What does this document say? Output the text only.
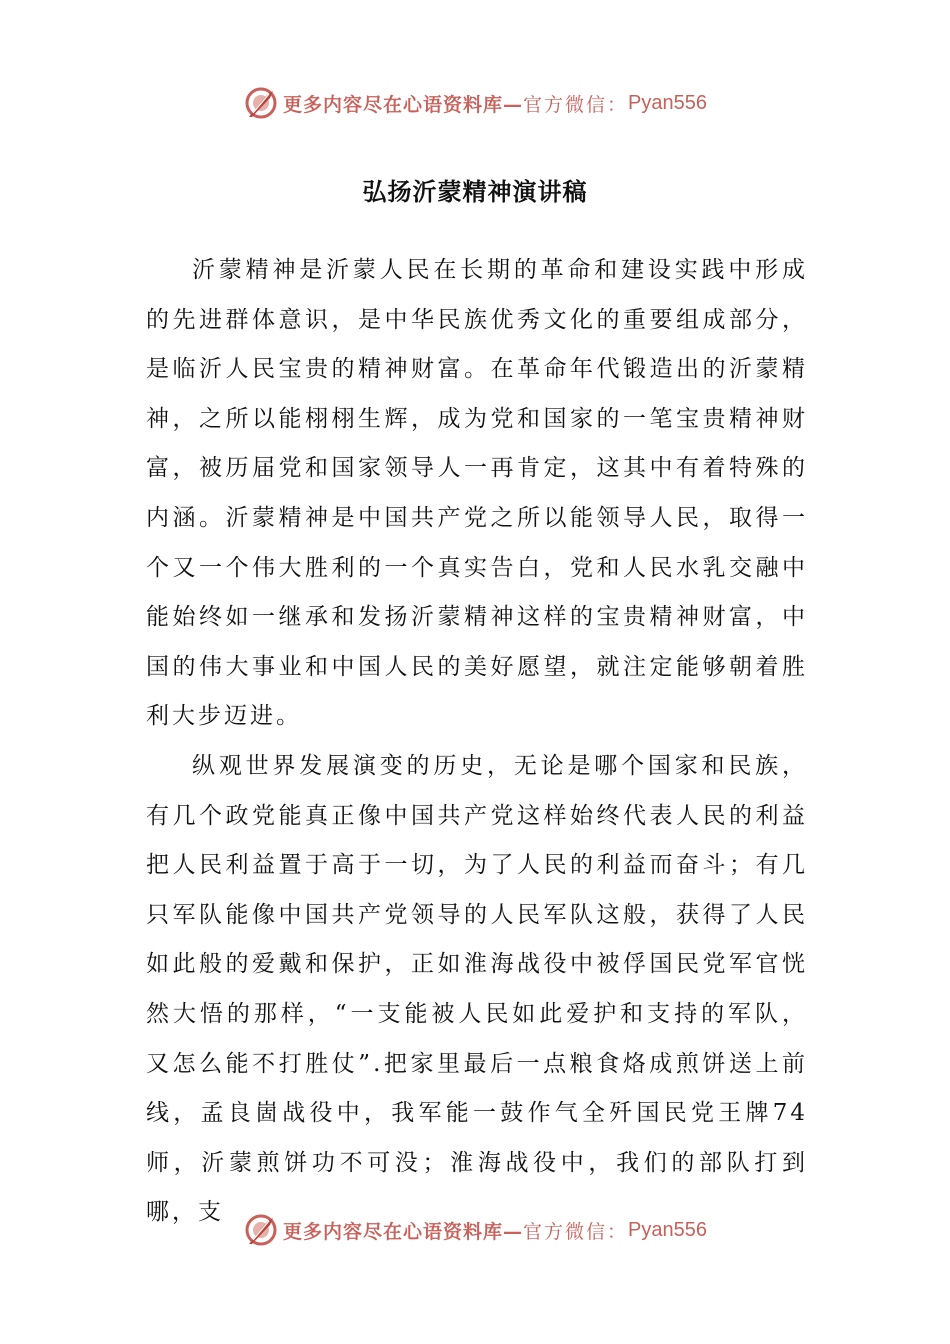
更多内容尽在心语资料库— 官方微信： Pyan556
弘扬沂蒙精神演讲稿

沂蒙精神是沂蒙人民在长期的革命和建设实践中形成的先进群体意识，是中华民族优秀文化的重要组成部分，是临沂人民宝贵的精神财富。在革命年代锻造出的沂蒙精神，之所以能栩栩生辉，成为党和国家的一笔宝贵精神财富，被历届党和国家领导人一再肯定，这其中有着特殊的内涵。沂蒙精神是中国共产党之所以能领导人民，取得一个又一个伟大胜利的一个真实告白，党和人民水乳交融中能始终如一继承和发扬沂蒙精神这样的宝贵精神财富，中国的伟大事业和中国人民的美好愿望，就注定能够朝着胜利大步迈进。

纵观世界发展演变的历史，无论是哪个国家和民族，有几个政党能真正像中国共产党这样始终代表人民的利益把人民利益置于高于一切，为了人民的利益而奋斗；有几只军队能像中国共产党领导的人民军队这般，获得了人民如此般的爱戴和保护，正如淮海战役中被俘国民党军官恍然大悟的那样，“一支能被人民如此爱护和支持的军队，又怎么能不打胜仗”.把家里最后一点粮食烙成煎饼送上前线，孟良崮战役中，我军能一鼓作气全歼国民党王牌74师，沂蒙煎饼功不可没；淮海战役中，我们的部队打到哪，支

更多内容尽在心语资料库— 官方微信： Pyan556
